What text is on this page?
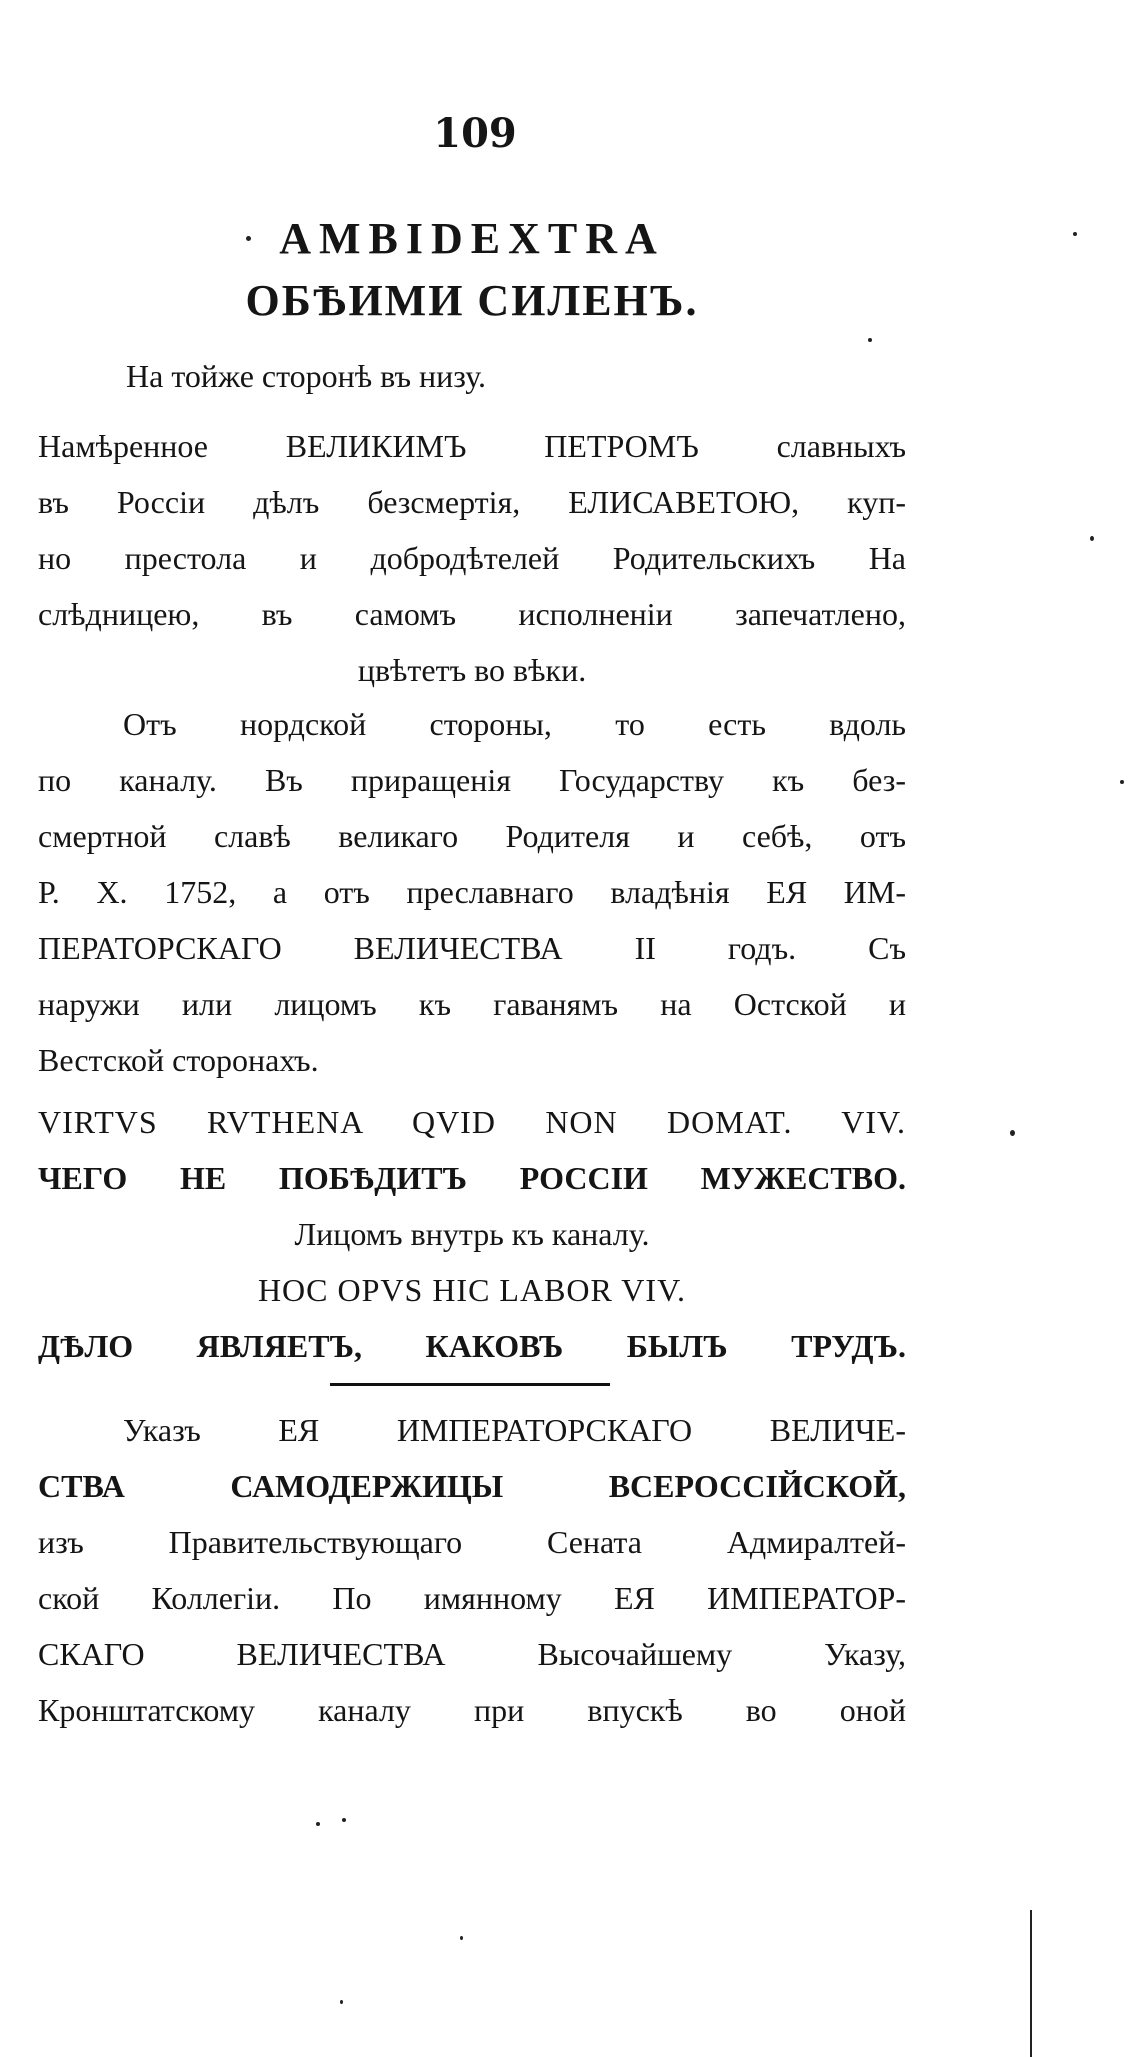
109
AMBIDEXTRA
ОБѢИМИ СИЛЕНЪ.
На тойже сторонѣ въ низу.
Намѣренное ВЕЛИКИМЪ ПЕТРОМЪ славныхъ
въ Россіи дѣлъ безсмертія, ЕЛИСАВЕТОЮ, куп-
но престола и добродѣтелей Родительскихъ На
слѣдницею, въ самомъ исполненіи запечатлено,
цвѣтетъ во вѣки.
Отъ нордской стороны, то есть вдоль
по каналу. Въ приращенія Государству къ без-
смертной славѣ великаго Родителя и себѣ, отъ
Р. Х. 1752, а отъ преславнаго владѣнія ЕЯ ИМ-
ПЕРАТОРСКАГО ВЕЛИЧЕСТВА II годъ. Съ
наружи или лицомъ къ гаванямъ на Остской и
Вестской сторонахъ.
VIRTVS RVTHENA QVID NON DOMAT. VIV.
ЧЕГО НЕ ПОБѢДИТЪ РОССІИ МУЖЕСТВО.
Лицомъ внутрь къ каналу.
HOC OPVS HIC LABOR VIV.
ДѢЛО ЯВЛЯЕТЪ, КАКОВЪ БЫЛЪ ТРУДЪ.
Указъ ЕЯ ИМПЕРАТОРСКАГО ВЕЛИЧЕ-
СТВА САМОДЕРЖИЦЫ ВСЕРОССІЙСКОЙ,
изъ Правительствующаго Сената Адмиралтей-
ской Коллегіи. По имянному ЕЯ ИМПЕРАТОР-
СКАГО ВЕЛИЧЕСТВА Высочайшему Указу,
Кронштатскому каналу при впускѣ во оной
